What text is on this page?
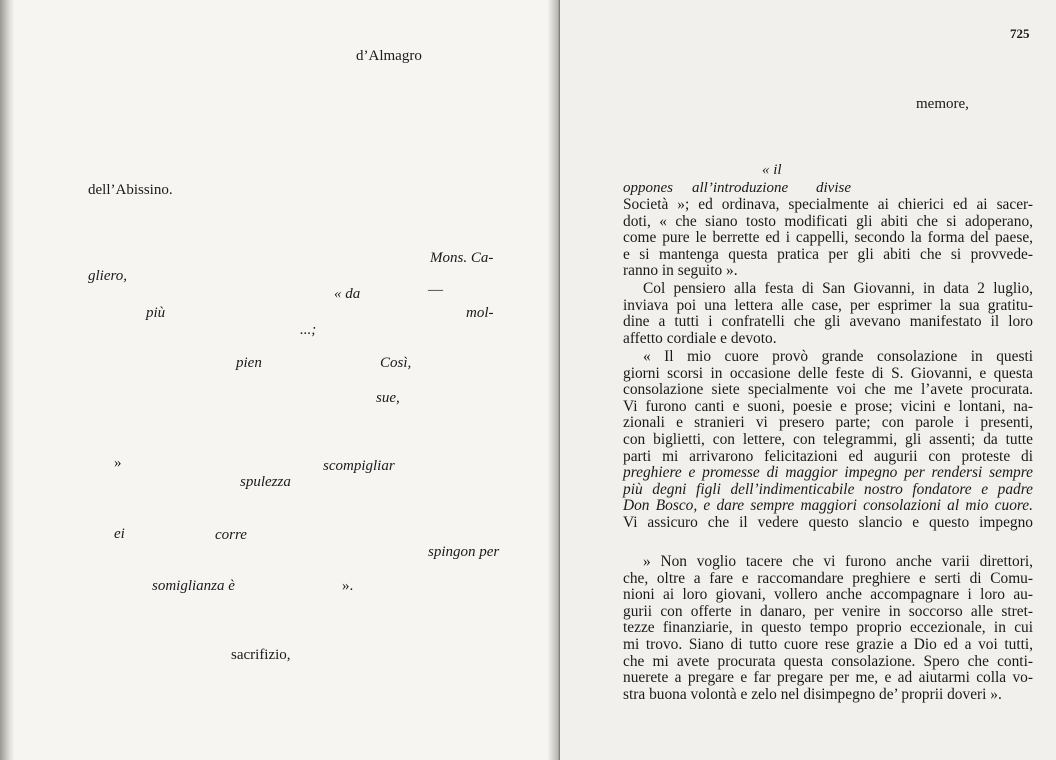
d’Almagro
dell’Abissino.
Mons. Ca-
gliero,
« da	—
più	mol-
...;
pien	Così,
sue,
»	scompigliar
spulezza
ei	corre
spingon per
somiglianza è	».
sacrifizio,
725
memore,
« il
oppones all’introduzione divise
Società »; ed ordinava, specialmente ai chierici ed ai sacer-
doti, « che siano tosto modificati gli abiti che si adoperano,
come pure le berrette ed i cappelli, secondo la forma del paese,
e si mantenga questa pratica per gli abiti che si provvede-
ranno in seguito ».
Col pensiero alla festa di San Giovanni, in data 2 luglio,
inviava poi una lettera alle case, per esprimer la sua gratitu-
dine a tutti i confratelli che gli avevano manifestato il loro
affetto cordiale e devoto.
« Il mio cuore provò grande consolazione in questi
giorni scorsi in occasione delle feste di S. Giovanni, e questa
consolazione siete specialmente voi che me l’avete procurata.
Vi furono canti e suoni, poesie e prose; vicini e lontani, na-
zionali e stranieri vi presero parte; con parole i presenti,
con biglietti, con lettere, con telegrammi, gli assenti; da tutte
parti mi arrivarono felicitazioni ed augurii con proteste di
preghiere e promesse di maggior impegno per rendersi sempre
più degni figli dell’indimenticabile nostro fondatore e padre
Don Bosco, e dare sempre maggiori consolazioni al mio cuore.
Vi assicuro che il vedere questo slancio e questo impegno
» Non voglio tacere che vi furono anche varii direttori,
che, oltre a fare e raccomandare preghiere e serti di Comu-
nioni ai loro giovani, vollero anche accompagnare i loro au-
gurii con offerte in danaro, per venire in soccorso alle stret-
tezze finanziarie, in questo tempo proprio eccezionale, in cui
mi trovo. Siano di tutto cuore rese grazie a Dio ed a voi tutti,
che mi avete procurata questa consolazione. Spero che conti-
nuerete a pregare e far pregare per me, e ad aiutarmi colla vo-
stra buona volontà e zelo nel disimpegno de’ proprii doveri ».
